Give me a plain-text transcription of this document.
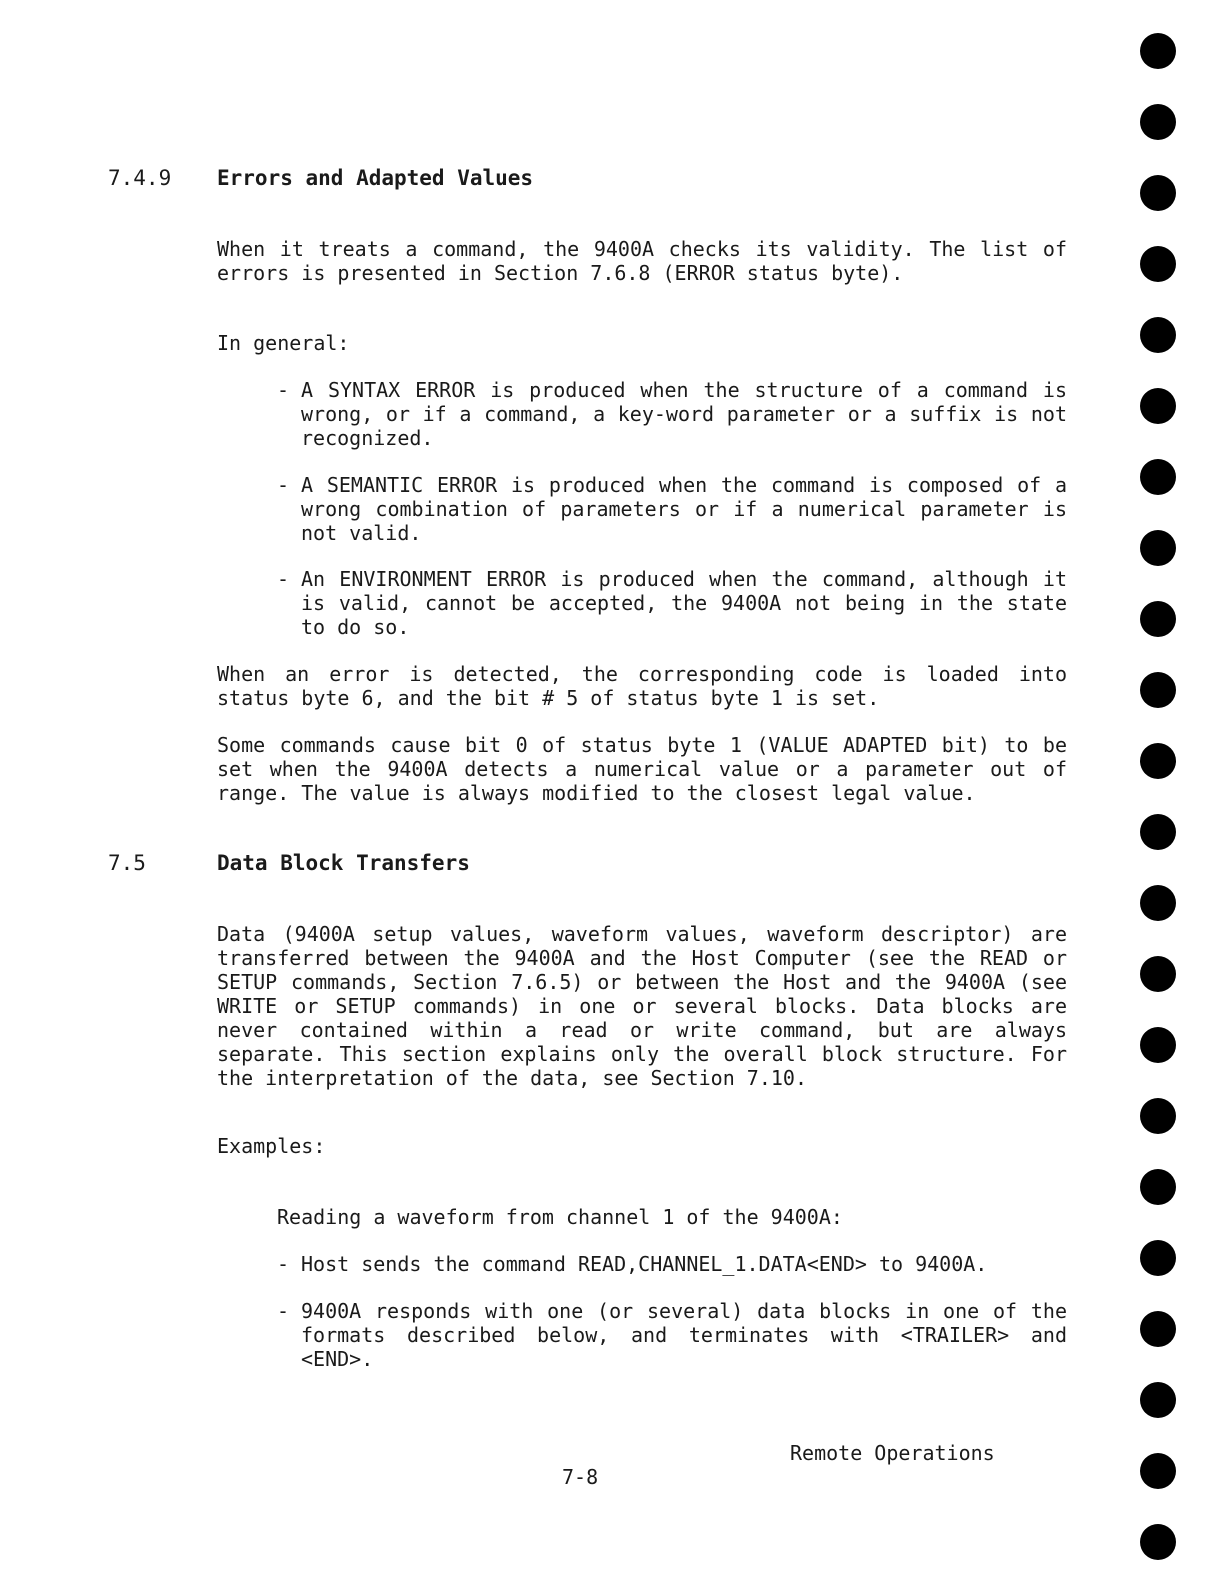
7.4.9 Errors and Adapted Values

When it treats a command, the 9400A checks its validity. The list of errors is presented in Section 7.6.8 (ERROR status byte).

In general:

- A SYNTAX ERROR is produced when the structure of a command is wrong, or if a command, a key-word parameter or a suffix is not recognized.
- A SEMANTIC ERROR is produced when the command is composed of a wrong combination of parameters or if a numerical parameter is not valid.
- An ENVIRONMENT ERROR is produced when the command, although it is valid, cannot be accepted, the 9400A not being in the state to do so.

When an error is detected, the corresponding code is loaded into status byte 6, and the bit # 5 of status byte 1 is set.

Some commands cause bit 0 of status byte 1 (VALUE ADAPTED bit) to be set when the 9400A detects a numerical value or a parameter out of range. The value is always modified to the closest legal value.

7.5	Data Block Transfers

Data (9400A setup values, waveform values, waveform descriptor) are transferred between the 9400A and the Host Computer (see the READ or SETUP commands, Section 7.6.5) or between the Host and the 9400A (see WRITE or SETUP commands) in one or several blocks. Data blocks are never contained within a read or write command, but are always separate. This section explains only the overall block structure. For the interpretation of the data, see Section 7.10.

Examples:

Reading a waveform from channel 1 of the 9400A:
- Host sends the command READ,CHANNEL_1.DATA<END> to 9400A.
- 9400A responds with one (or several) data blocks in one of the formats described below, and terminates with <TRAILER> and <END>.
Remote Operations
7-8
